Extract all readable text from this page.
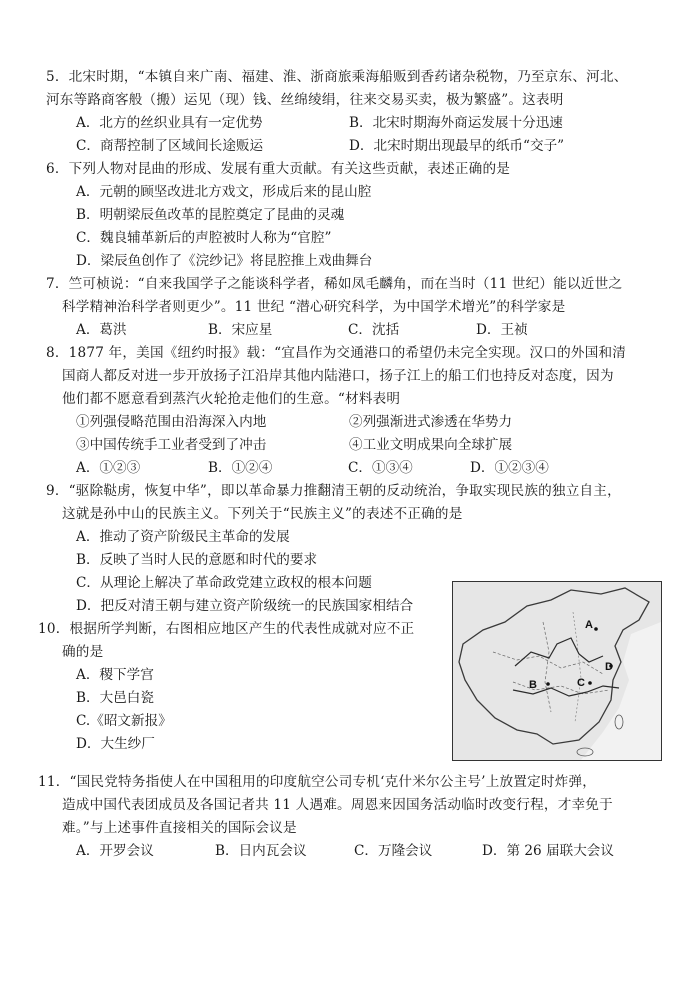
5．北宋时期，“本镇自来广南、福建、淮、浙商旅乘海船贩到香药诸杂税物，乃至京东、河北、
河东等路商客般（搬）运见（现）钱、丝绵绫绢，往来交易买卖，极为繁盛”。这表明
A．北方的丝织业具有一定优势	B．北宋时期海外商运发展十分迅速
C．商帮控制了区域间长途贩运	D．北宋时期出现最早的纸币“交子”
6．下列人物对昆曲的形成、发展有重大贡献。有关这些贡献，表述正确的是
A．元朝的顾坚改进北方戏文，形成后来的昆山腔
B．明朝梁辰鱼改革的昆腔奠定了昆曲的灵魂
C．魏良辅革新后的声腔被时人称为“官腔”
D．梁辰鱼创作了《浣纱记》将昆腔推上戏曲舞台
7．竺可桢说：“自来我国学子之能谈科学者，稀如凤毛麟角，而在当时（11 世纪）能以近世之
科学精神治科学者则更少”。11 世纪 “潜心研究科学，为中国学术增光”的科学家是
A．葛洪	B．宋应星	C．沈括	D．王祯
8．1877 年，美国《纽约时报》载：“宜昌作为交通港口的希望仍未完全实现。汉口的外国和清
国商人都反对进一步开放扬子江沿岸其他内陆港口，扬子江上的船工们也持反对态度，因为
他们都不愿意看到蒸汽火轮抢走他们的生意。“材料表明
①列强侵略范围由沿海深入内地	②列强渐进式渗透在华势力
③中国传统手工业者受到了冲击	④工业文明成果向全球扩展
A．①②③	B．①②④	C．①③④	D．①②③④
9．“驱除鞑虏，恢复中华”，即以革命暴力推翻清王朝的反动统治，争取实现民族的独立自主，
这就是孙中山的民族主义。下列关于“民族主义”的表述不正确的是
A．推动了资产阶级民主革命的发展
B．反映了当时人民的意愿和时代的要求
C．从理论上解决了革命政党建立政权的根本问题
D．把反对清王朝与建立资产阶级统一的民族国家相结合
10．根据所学判断，右图相应地区产生的代表性成就对应不正
确的是
A．稷下学宫
B．大邑白瓷
C.《昭文新报》
D．大生纱厂
A
B	C
D
11．“国民党特务指使人在中国租用的印度航空公司专机‘克什米尔公主号’上放置定时炸弹，
造成中国代表团成员及各国记者共 11 人遇难。周恩来因国务活动临时改变行程，才幸免于
难。”与上述事件直接相关的国际会议是
A．开罗会议	B．日内瓦会议	C．万隆会议	D．第 26 届联大会议
